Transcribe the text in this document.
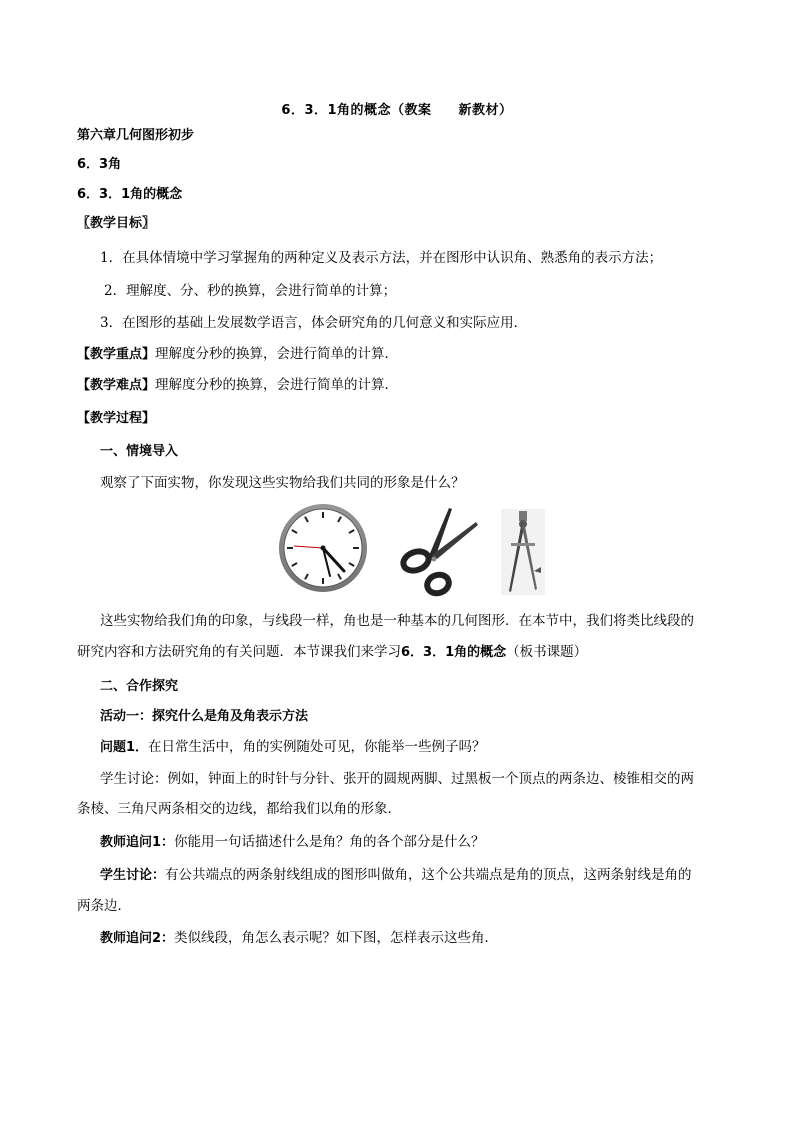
6．3．1角的概念（教案　　新教材）
第六章几何图形初步
6．3角
6．3．1角的概念
〖教学目标〗
1．在具体情境中学习掌握角的两种定义及表示方法，并在图形中认识角、熟悉角的表示方法；
2．理解度、分、秒的换算，会进行简单的计算；
3．在图形的基础上发展数学语言，体会研究角的几何意义和实际应用．
【教学重点】理解度分秒的换算，会进行简单的计算．
【教学难点】理解度分秒的换算，会进行简单的计算．
【教学过程】
一、情境导入
观察了下面实物，你发现这些实物给我们共同的形象是什么？
这些实物给我们角的印象，与线段一样，角也是一种基本的几何图形．在本节中，我们将类比线段的
研究内容和方法研究角的有关问题．本节课我们来学习6．3．1角的概念（板书课题）
二、合作探究
活动一：探究什么是角及角表示方法
问题1．在日常生活中，角的实例随处可见，你能举一些例子吗？
学生讨论：例如，钟面上的时针与分针、张开的圆规两脚、过黑板一个顶点的两条边、棱锥相交的两
条棱、三角尺两条相交的边线，都给我们以角的形象．
教师追问1：你能用一句话描述什么是角？角的各个部分是什么？
学生讨论：有公共端点的两条射线组成的图形叫做角，这个公共端点是角的顶点，这两条射线是角的
两条边．
教师追问2：类似线段，角怎么表示呢？如下图，怎样表示这些角．
